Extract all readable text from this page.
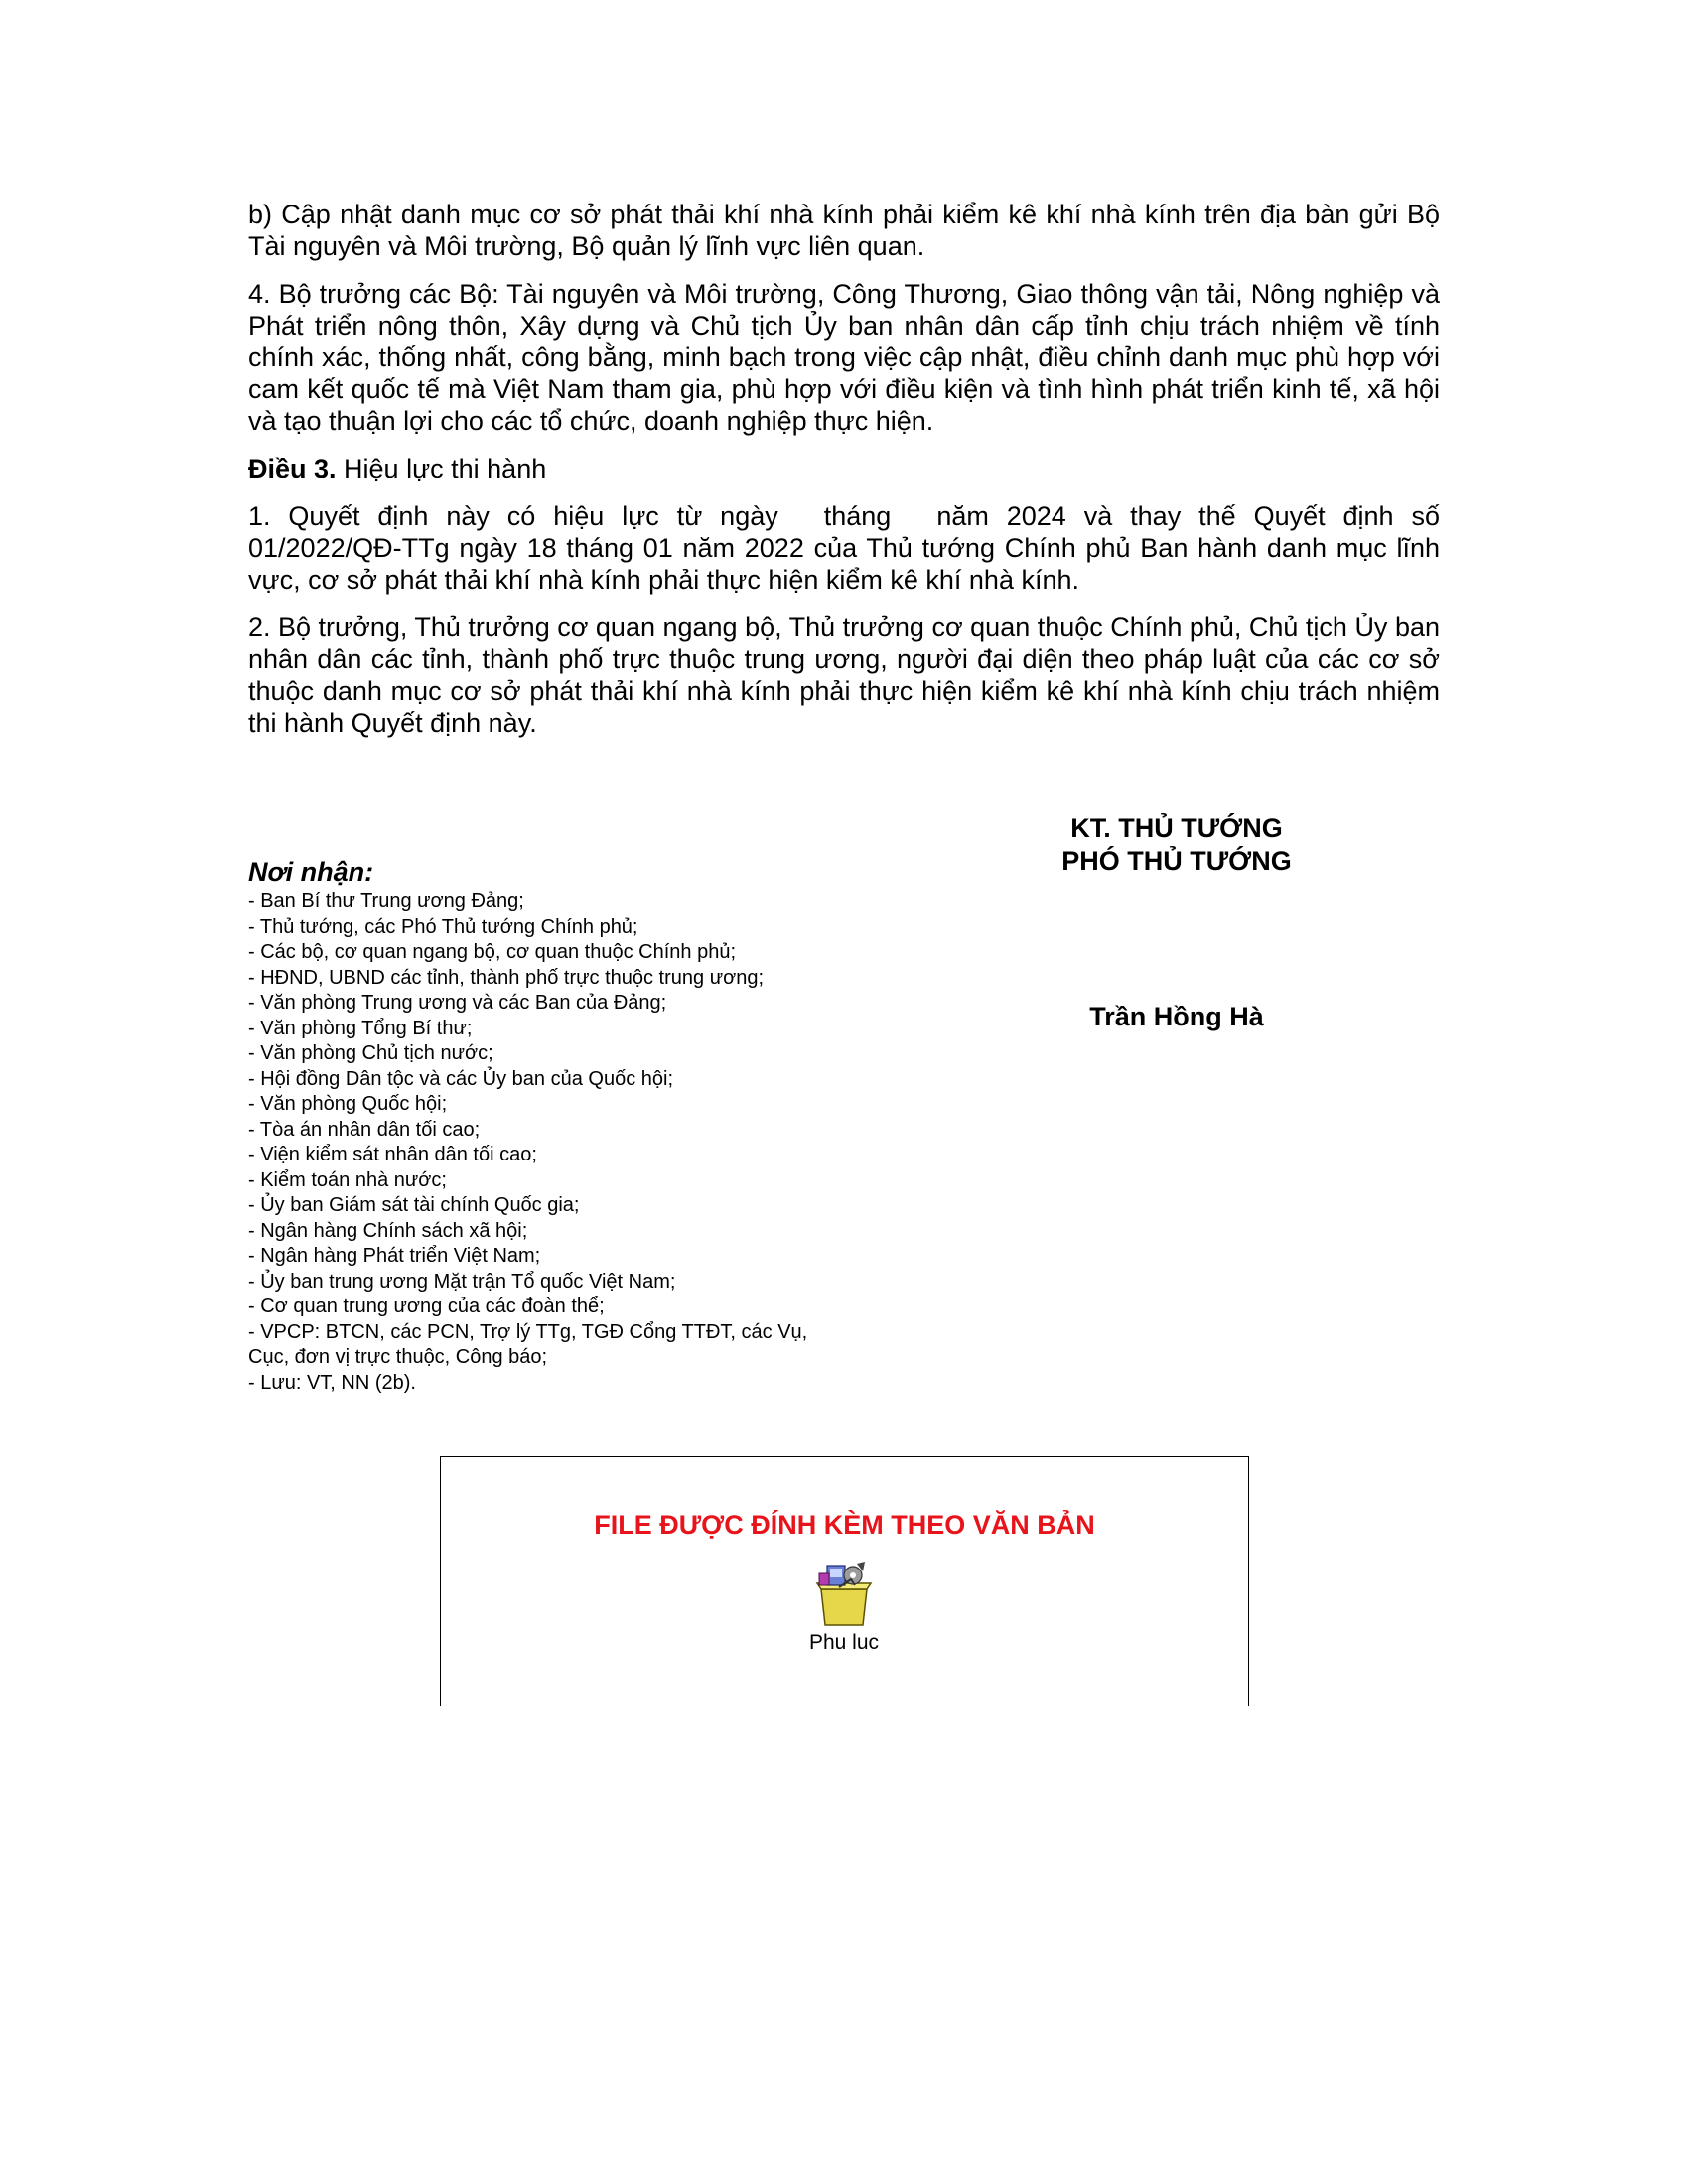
b) Cập nhật danh mục cơ sở phát thải khí nhà kính phải kiểm kê khí nhà kính trên địa bàn gửi Bộ Tài nguyên và Môi trường, Bộ quản lý lĩnh vực liên quan.

4. Bộ trưởng các Bộ: Tài nguyên và Môi trường, Công Thương, Giao thông vận tải, Nông nghiệp và Phát triển nông thôn, Xây dựng và Chủ tịch Ủy ban nhân dân cấp tỉnh chịu trách nhiệm về tính chính xác, thống nhất, công bằng, minh bạch trong việc cập nhật, điều chỉnh danh mục phù hợp với cam kết quốc tế mà Việt Nam tham gia, phù hợp với điều kiện và tình hình phát triển kinh tế, xã hội và tạo thuận lợi cho các tổ chức, doanh nghiệp thực hiện.

Điều 3. Hiệu lực thi hành

1. Quyết định này có hiệu lực từ ngày tháng năm 2024 và thay thế Quyết định số 01/2022/QĐ-TTg ngày 18 tháng 01 năm 2022 của Thủ tướng Chính phủ Ban hành danh mục lĩnh vực, cơ sở phát thải khí nhà kính phải thực hiện kiểm kê khí nhà kính.

2. Bộ trưởng, Thủ trưởng cơ quan ngang bộ, Thủ trưởng cơ quan thuộc Chính phủ, Chủ tịch Ủy ban nhân dân các tỉnh, thành phố trực thuộc trung ương, người đại diện theo pháp luật của các cơ sở thuộc danh mục cơ sở phát thải khí nhà kính phải thực hiện kiểm kê khí nhà kính chịu trách nhiệm thi hành Quyết định này.

KT. THỦ TƯỚNG
PHÓ THỦ TƯỚNG
Trần Hồng Hà
Nơi nhận:
- Ban Bí thư Trung ương Đảng;
- Thủ tướng, các Phó Thủ tướng Chính phủ;
- Các bộ, cơ quan ngang bộ, cơ quan thuộc Chính phủ;
- HĐND, UBND các tỉnh, thành phố trực thuộc trung ương;
- Văn phòng Trung ương và các Ban của Đảng;
- Văn phòng Tổng Bí thư;
- Văn phòng Chủ tịch nước;
- Hội đồng Dân tộc và các Ủy ban của Quốc hội;
- Văn phòng Quốc hội;
- Tòa án nhân dân tối cao;
- Viện kiểm sát nhân dân tối cao;
- Kiểm toán nhà nước;
- Ủy ban Giám sát tài chính Quốc gia;
- Ngân hàng Chính sách xã hội;
- Ngân hàng Phát triển Việt Nam;
- Ủy ban trung ương Mặt trận Tổ quốc Việt Nam;
- Cơ quan trung ương của các đoàn thể;
- VPCP: BTCN, các PCN, Trợ lý TTg, TGĐ Cổng TTĐT, các Vụ,
Cục, đơn vị trực thuộc, Công báo;
- Lưu: VT, NN (2b).
FILE ĐƯỢC ĐÍNH KÈM THEO VĂN BẢN
Phu luc
